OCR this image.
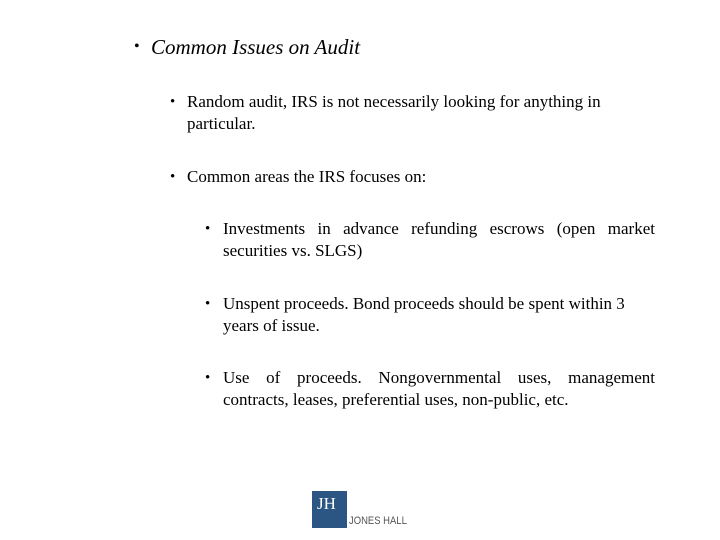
• Common Issues on Audit
• Random audit, IRS is not necessarily looking for anything in particular.
• Common areas the IRS focuses on:
• Investments in advance refunding escrows (open market securities vs. SLGS)
• Unspent proceeds. Bond proceeds should be spent within 3 years of issue.
• Use of proceeds. Nongovernmental uses, management contracts, leases, preferential uses, non-public, etc.
JH
JONES HALL
